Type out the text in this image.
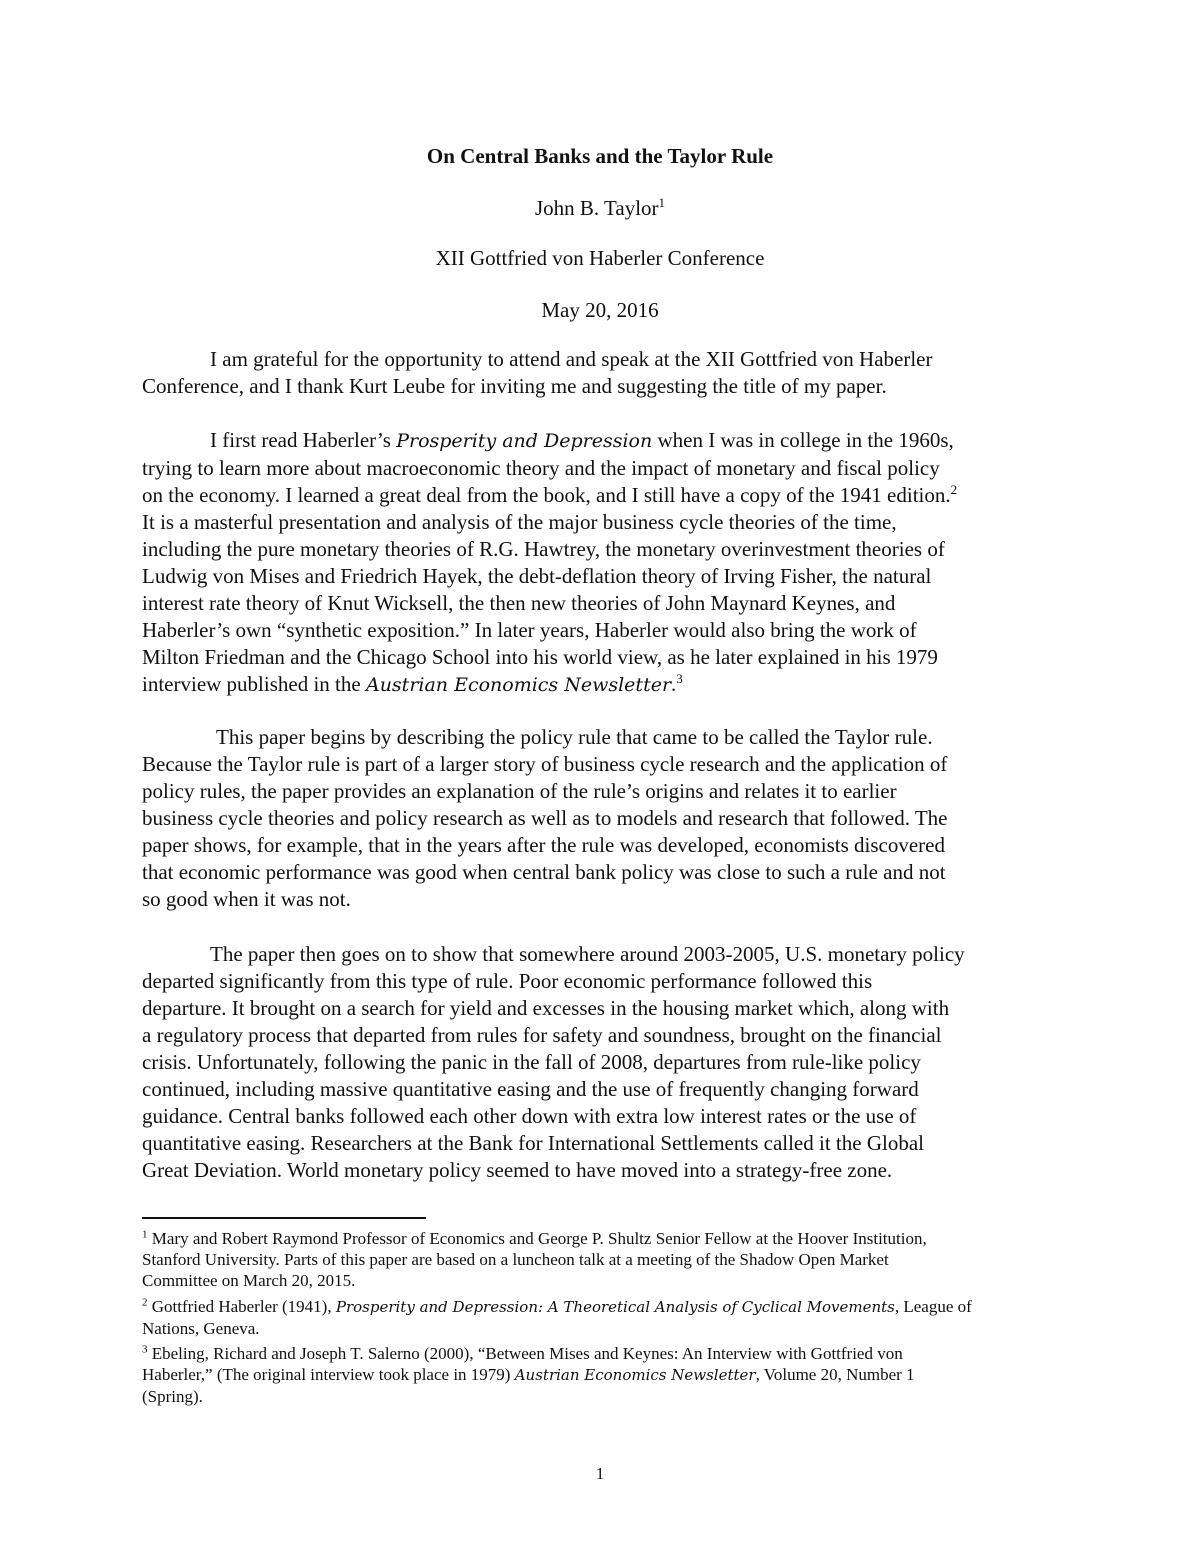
On Central Banks and the Taylor Rule
John B. Taylor$^1$
XII Gottfried von Haberler Conference
May 20, 2016
I am grateful for the opportunity to attend and speak at the XII Gottfried von Haberler
Conference, and I thank Kurt Leube for inviting me and suggesting the title of my paper.
I first read Haberler’s Prosperity and Depression when I was in college in the 1960s,
trying to learn more about macroeconomic theory and the impact of monetary and fiscal policy
on the economy. I learned a great deal from the book, and I still have a copy of the 1941 edition.$^2$
It is a masterful presentation and analysis of the major business cycle theories of the time,
including the pure monetary theories of R.G. Hawtrey, the monetary overinvestment theories of
Ludwig von Mises and Friedrich Hayek, the debt-deflation theory of Irving Fisher, the natural
interest rate theory of Knut Wicksell, the then new theories of John Maynard Keynes, and
Haberler’s own “synthetic exposition.” In later years, Haberler would also bring the work of
Milton Friedman and the Chicago School into his world view, as he later explained in his 1979
interview published in the Austrian Economics Newsletter.$^3$
This paper begins by describing the policy rule that came to be called the Taylor rule.
Because the Taylor rule is part of a larger story of business cycle research and the application of
policy rules, the paper provides an explanation of the rule’s origins and relates it to earlier
business cycle theories and policy research as well as to models and research that followed. The
paper shows, for example, that in the years after the rule was developed, economists discovered
that economic performance was good when central bank policy was close to such a rule and not
so good when it was not.
The paper then goes on to show that somewhere around 2003-2005, U.S. monetary policy
departed significantly from this type of rule. Poor economic performance followed this
departure. It brought on a search for yield and excesses in the housing market which, along with
a regulatory process that departed from rules for safety and soundness, brought on the financial
crisis. Unfortunately, following the panic in the fall of 2008, departures from rule-like policy
continued, including massive quantitative easing and the use of frequently changing forward
guidance. Central banks followed each other down with extra low interest rates or the use of
quantitative easing. Researchers at the Bank for International Settlements called it the Global
Great Deviation. World monetary policy seemed to have moved into a strategy-free zone.
$^1$ Mary and Robert Raymond Professor of Economics and George P. Shultz Senior Fellow at the Hoover Institution,
Stanford University. Parts of this paper are based on a luncheon talk at a meeting of the Shadow Open Market
Committee on March 20, 2015.
$^2$ Gottfried Haberler (1941), Prosperity and Depression: A Theoretical Analysis of Cyclical Movements, League of
Nations, Geneva.
$^3$ Ebeling, Richard and Joseph T. Salerno (2000), “Between Mises and Keynes: An Interview with Gottfried von
Haberler,” (The original interview took place in 1979) Austrian Economics Newsletter, Volume 20, Number 1
(Spring).
1
